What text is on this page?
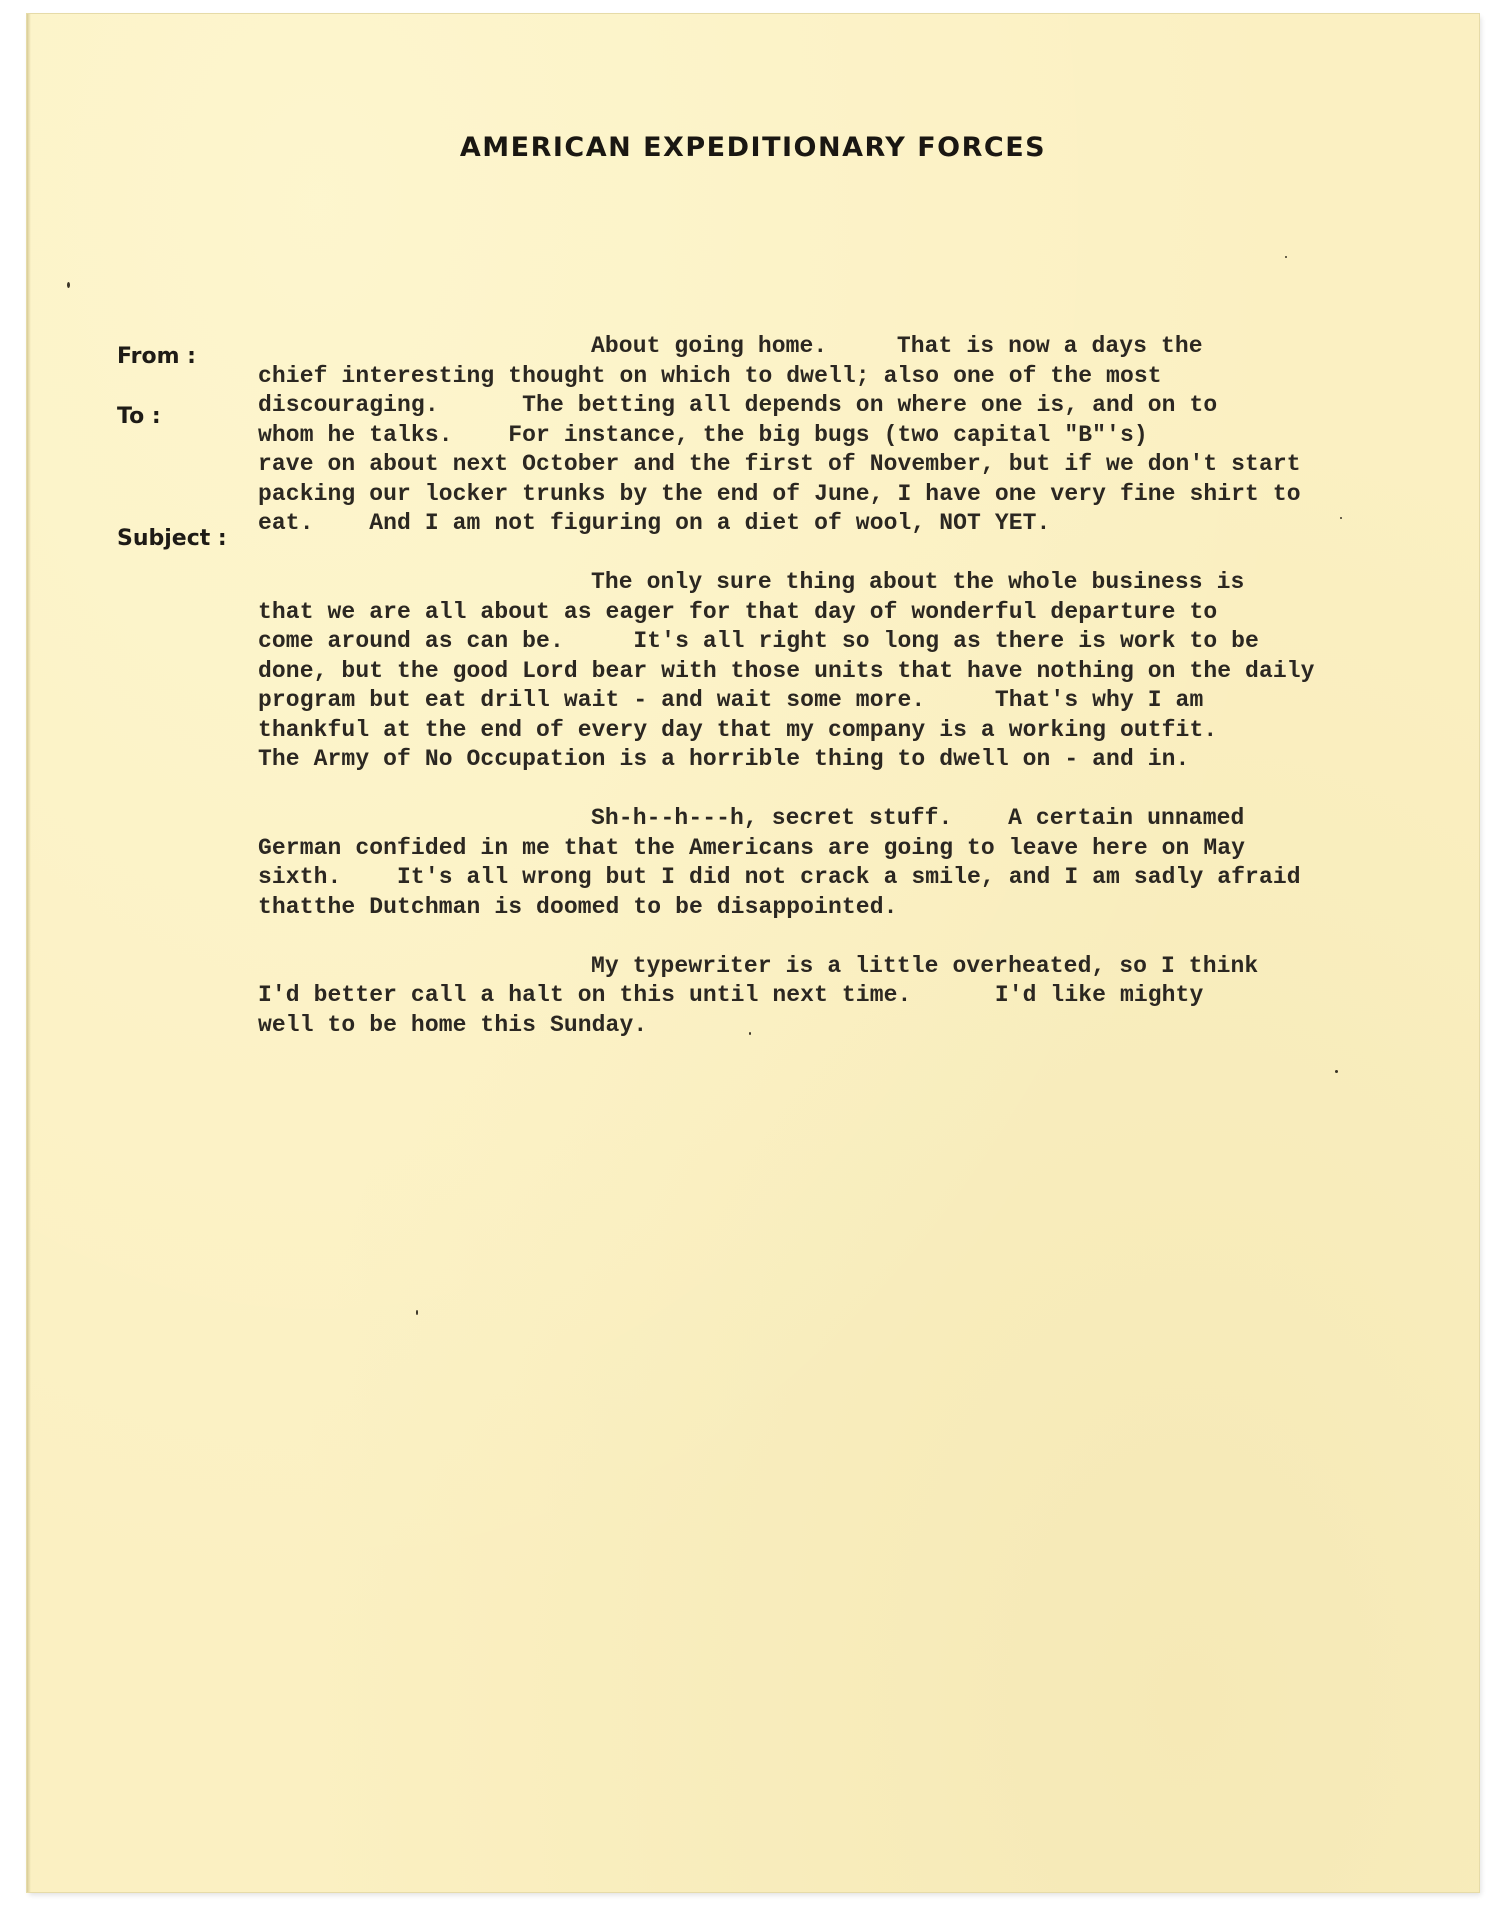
AMERICAN EXPEDITIONARY FORCES

From :

To :

Subject :

About going home.     That is now a days the
chief interesting thought on which to dwell; also one of the most
discouraging.      The betting all depends on where one is, and on to
whom he talks.    For instance, the big bugs (two capital "B"'s)
rave on about next October and the first of November, but if we don't start
packing our locker trunks by the end of June, I have one very fine shirt to
eat.    And I am not figuring on a diet of wool, NOT YET.
The only sure thing about the whole business is
that we are all about as eager for that day of wonderful departure to
come around as can be.     It's all right so long as there is work to be
done, but the good Lord bear with those units that have nothing on the daily
program but eat drill wait - and wait some more.     That's why I am
thankful at the end of every day that my company is a working outfit.
The Army of No Occupation is a horrible thing to dwell on - and in.
Sh-h--h---h, secret stuff.    A certain unnamed
German confided in me that the Americans are going to leave here on May
sixth.    It's all wrong but I did not crack a smile, and I am sadly afraid
thatthe Dutchman is doomed to be disappointed.
My typewriter is a little overheated, so I think
I'd better call a halt on this until next time.      I'd like mighty
well to be home this Sunday.
